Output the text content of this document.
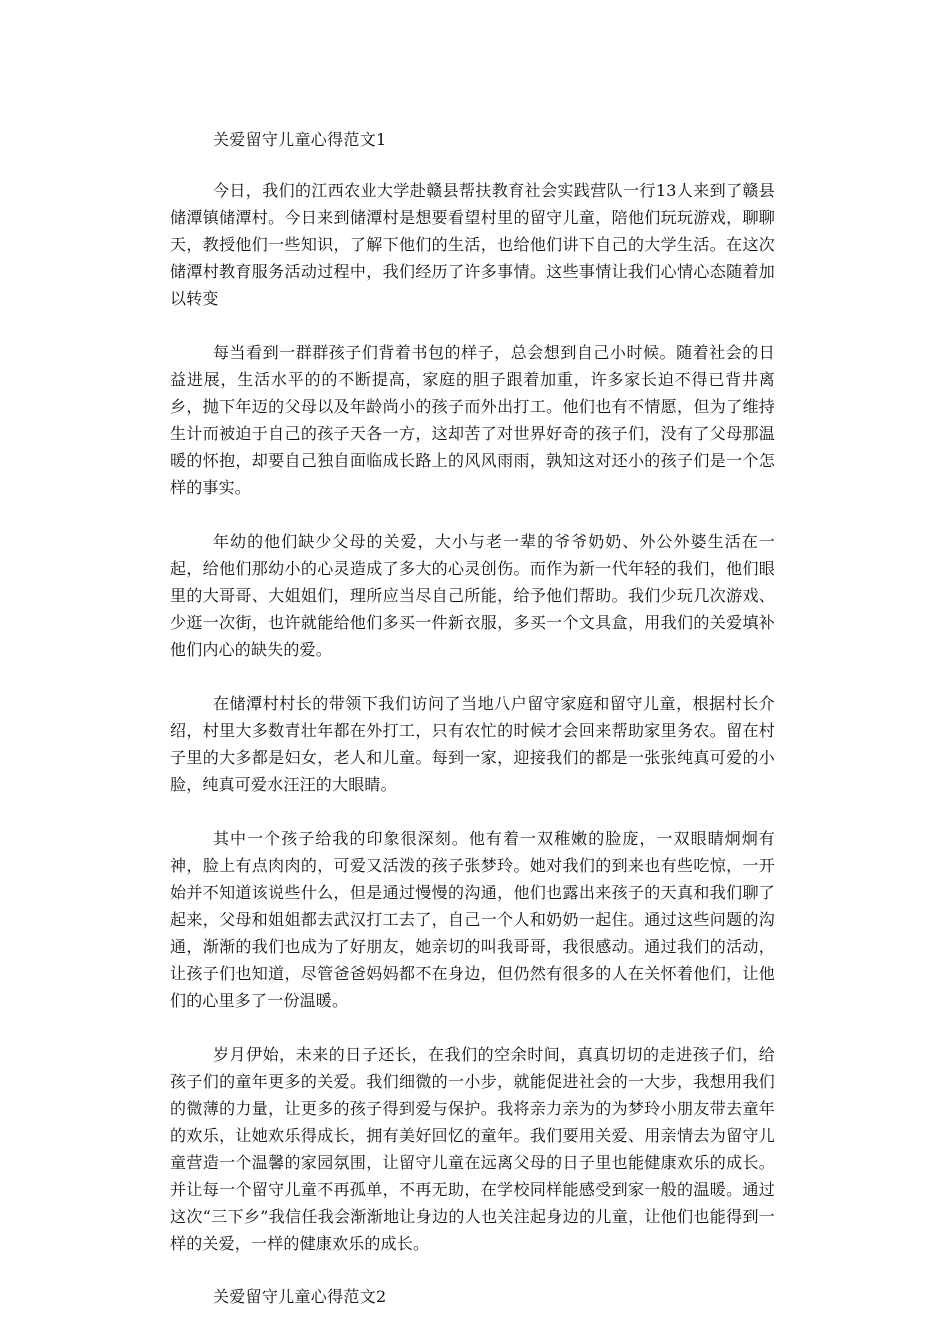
关爱留守儿童心得范文1

今日，我们的江西农业大学赴赣县帮扶教育社会实践营队一行13人来到了赣县储潭镇储潭村。今日来到储潭村是想要看望村里的留守儿童，陪他们玩玩游戏，聊聊天，教授他们一些知识，了解下他们的生活，也给他们讲下自己的大学生活。在这次储潭村教育服务活动过程中，我们经历了许多事情。这些事情让我们心情心态随着加以转变

每当看到一群群孩子们背着书包的样子，总会想到自己小时候。随着社会的日益进展，生活水平的的不断提高，家庭的胆子跟着加重，许多家长迫不得已背井离乡，抛下年迈的父母以及年龄尚小的孩子而外出打工。他们也有不情愿，但为了维持生计而被迫于自己的孩子天各一方，这却苦了对世界好奇的孩子们，没有了父母那温暖的怀抱，却要自己独自面临成长路上的风风雨雨，孰知这对还小的孩子们是一个怎样的事实。

年幼的他们缺少父母的关爱，大小与老一辈的爷爷奶奶、外公外婆生活在一起，给他们那幼小的心灵造成了多大的心灵创伤。而作为新一代年轻的我们，他们眼里的大哥哥、大姐姐们，理所应当尽自己所能，给予他们帮助。我们少玩几次游戏、少逛一次街，也许就能给他们多买一件新衣服，多买一个文具盒，用我们的关爱填补他们内心的缺失的爱。

在储潭村村长的带领下我们访问了当地八户留守家庭和留守儿童，根据村长介绍，村里大多数青壮年都在外打工，只有农忙的时候才会回来帮助家里务农。留在村子里的大多都是妇女，老人和儿童。每到一家，迎接我们的都是一张张纯真可爱的小脸，纯真可爱水汪汪的大眼睛。

其中一个孩子给我的印象很深刻。他有着一双稚嫩的脸庞，一双眼睛炯炯有神，脸上有点肉肉的，可爱又活泼的孩子张梦玲。她对我们的到来也有些吃惊，一开始并不知道该说些什么，但是通过慢慢的沟通，他们也露出来孩子的天真和我们聊了起来，父母和姐姐都去武汉打工去了，自己一个人和奶奶一起住。通过这些问题的沟通，渐渐的我们也成为了好朋友，她亲切的叫我哥哥，我很感动。通过我们的活动，让孩子们也知道，尽管爸爸妈妈都不在身边，但仍然有很多的人在关怀着他们，让他们的心里多了一份温暖。

岁月伊始，未来的日子还长，在我们的空余时间，真真切切的走进孩子们，给孩子们的童年更多的关爱。我们细微的一小步，就能促进社会的一大步，我想用我们的微薄的力量，让更多的孩子得到爱与保护。我将亲力亲为的为梦玲小朋友带去童年的欢乐，让她欢乐得成长，拥有美好回忆的童年。我们要用关爱、用亲情去为留守儿童营造一个温馨的家园氛围，让留守儿童在远离父母的日子里也能健康欢乐的成长。并让每一个留守儿童不再孤单，不再无助，在学校同样能感受到家一般的温暖。通过这次“三下乡”我信任我会渐渐地让身边的人也关注起身边的儿童，让他们也能得到一样的关爱，一样的健康欢乐的成长。

关爱留守儿童心得范文2
